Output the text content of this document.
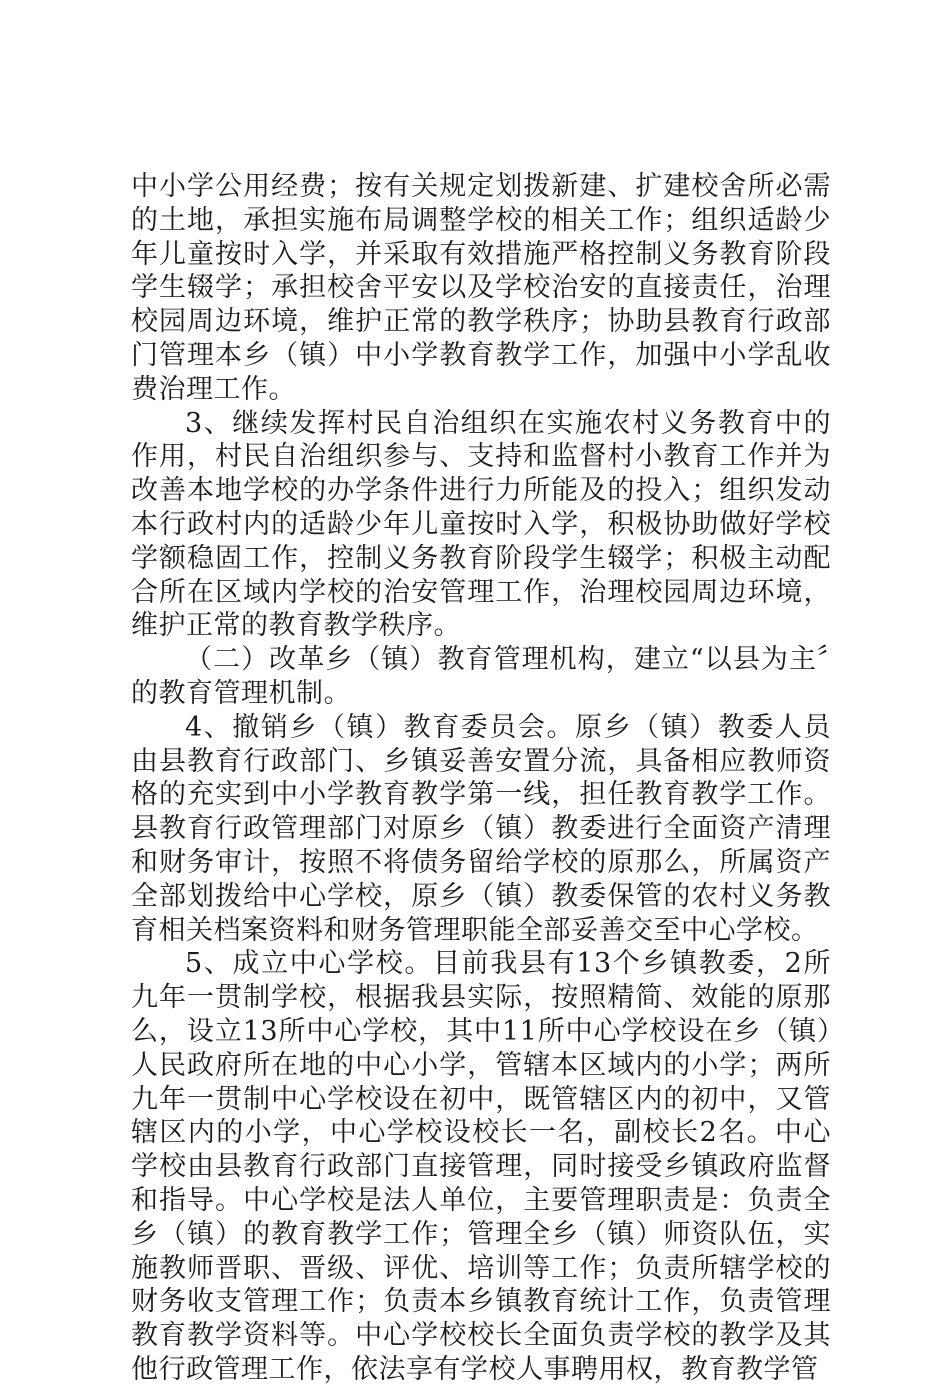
中小学公用经费；按有关规定划拨新建、扩建校舍所必需的土地，承担实施布局调整学校的相关工作；组织适龄少年儿童按时入学，并采取有效措施严格控制义务教育阶段学生辍学；承担校舍平安以及学校治安的直接责任，治理校园周边环境，维护正常的教学秩序；协助县教育行政部门管理本乡（镇）中小学教育教学工作，加强中小学乱收费治理工作。

3、继续发挥村民自治组织在实施农村义务教育中的作用，村民自治组织参与、支持和监督村小教育工作并为改善本地学校的办学条件进行力所能及的投入；组织发动本行政村内的适龄少年儿童按时入学，积极协助做好学校学额稳固工作，控制义务教育阶段学生辍学；积极主动配合所在区域内学校的治安管理工作，治理校园周边环境，维护正常的教育教学秩序。

（二）改革乡（镇）教育管理机构，建立“以县为主〞的教育管理机制。

4、撤销乡（镇）教育委员会。原乡（镇）教委人员由县教育行政部门、乡镇妥善安置分流，具备相应教师资格的充实到中小学教育教学第一线，担任教育教学工作。县教育行政管理部门对原乡（镇）教委进行全面资产清理和财务审计，按照不将债务留给学校的原那么，所属资产全部划拨给中心学校，原乡（镇）教委保管的农村义务教育相关档案资料和财务管理职能全部妥善交至中心学校。

5、成立中心学校。目前我县有13个乡镇教委，2所九年一贯制学校，根据我县实际，按照精简、效能的原那么，设立13所中心学校，其中11所中心学校设在乡（镇）人民政府所在地的中心小学，管辖本区域内的小学；两所九年一贯制中心学校设在初中，既管辖区内的初中，又管辖区内的小学，中心学校设校长一名，副校长2名。中心学校由县教育行政部门直接管理，同时接受乡镇政府监督和指导。中心学校是法人单位，主要管理职责是：负责全乡（镇）的教育教学工作；管理全乡（镇）师资队伍，实施教师晋职、晋级、评优、培训等工作；负责所辖学校的财务收支管理工作；负责本乡镇教育统计工作，负责管理教育教学资料等。中心学校校长全面负责学校的教学及其他行政管理工作，依法享有学校人事聘用权，教育教学管
